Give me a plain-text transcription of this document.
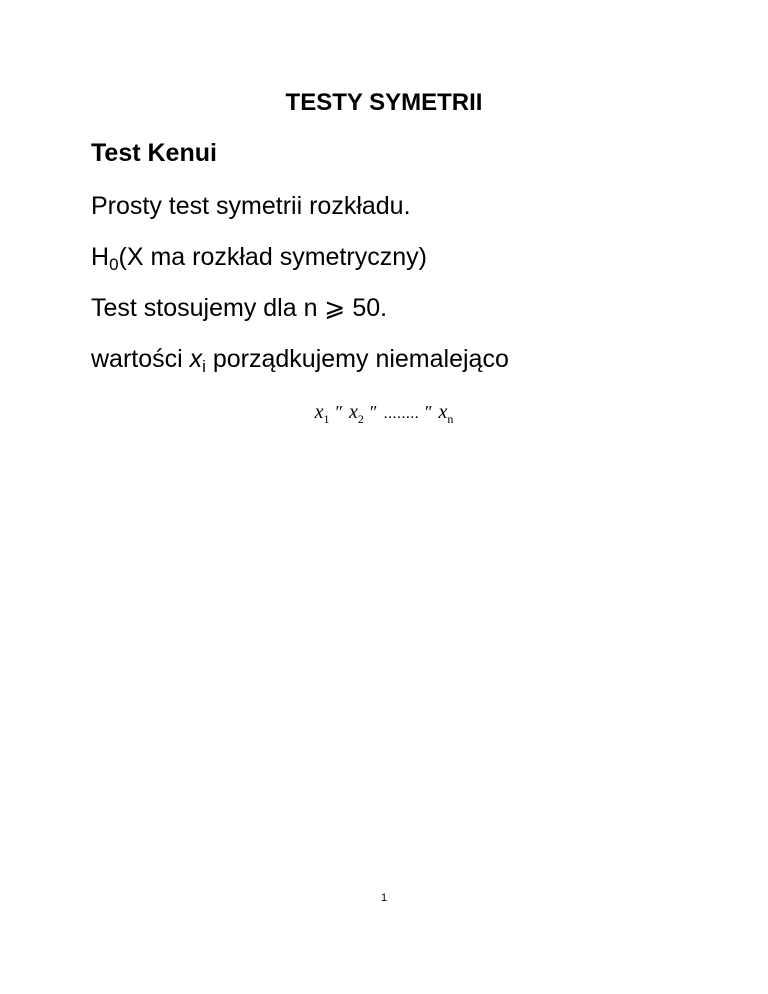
TESTY SYMETRII
Test Kenui
Prosty test symetrii rozkładu.
$H_0(X$ ma rozkład symetryczny)
Test stosujemy dla n ⩾ 50.
wartości $x_i$ porządkujemy niemalejąco
$x_1$ ″ $x_2$ ″ ........ ″ $x_n$
1
